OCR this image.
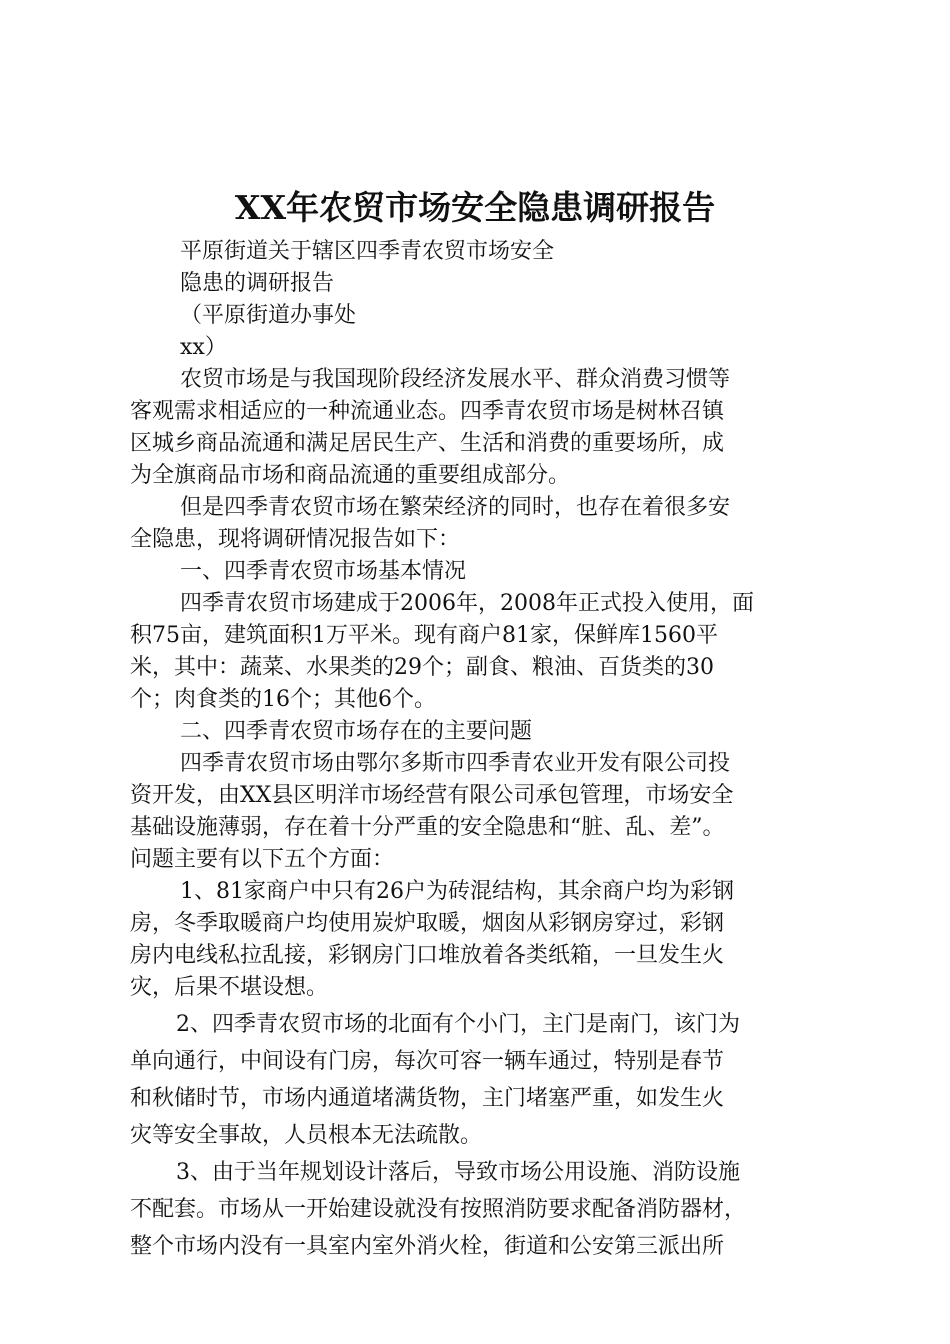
XX年农贸市场安全隐患调研报告
平原街道关于辖区四季青农贸市场安全
隐患的调研报告
（平原街道办事处
xx）
农贸市场是与我国现阶段经济发展水平、群众消费习惯等
客观需求相适应的一种流通业态。四季青农贸市场是树林召镇
区城乡商品流通和满足居民生产、生活和消费的重要场所，成
为全旗商品市场和商品流通的重要组成部分。
但是四季青农贸市场在繁荣经济的同时，也存在着很多安
全隐患，现将调研情况报告如下：
一、四季青农贸市场基本情况
四季青农贸市场建成于2006年，2008年正式投入使用，面
积75亩，建筑面积1万平米。现有商户81家，保鲜库1560平
米，其中：蔬菜、水果类的29个；副食、粮油、百货类的30
个；肉食类的16个；其他6个。
二、四季青农贸市场存在的主要问题
四季青农贸市场由鄂尔多斯市四季青农业开发有限公司投
资开发，由XX县区明洋市场经营有限公司承包管理，市场安全
基础设施薄弱，存在着十分严重的安全隐患和“脏、乱、差”。
问题主要有以下五个方面：
1、81家商户中只有26户为砖混结构，其余商户均为彩钢
房，冬季取暖商户均使用炭炉取暖，烟囱从彩钢房穿过，彩钢
房内电线私拉乱接，彩钢房门口堆放着各类纸箱，一旦发生火
灾，后果不堪设想。
2、四季青农贸市场的北面有个小门，主门是南门，该门为
单向通行，中间设有门房，每次可容一辆车通过，特别是春节
和秋储时节，市场内通道堵满货物，主门堵塞严重，如发生火
灾等安全事故，人员根本无法疏散。
3、由于当年规划设计落后，导致市场公用设施、消防设施
不配套。市场从一开始建设就没有按照消防要求配备消防器材，
整个市场内没有一具室内室外消火栓，街道和公安第三派出所
